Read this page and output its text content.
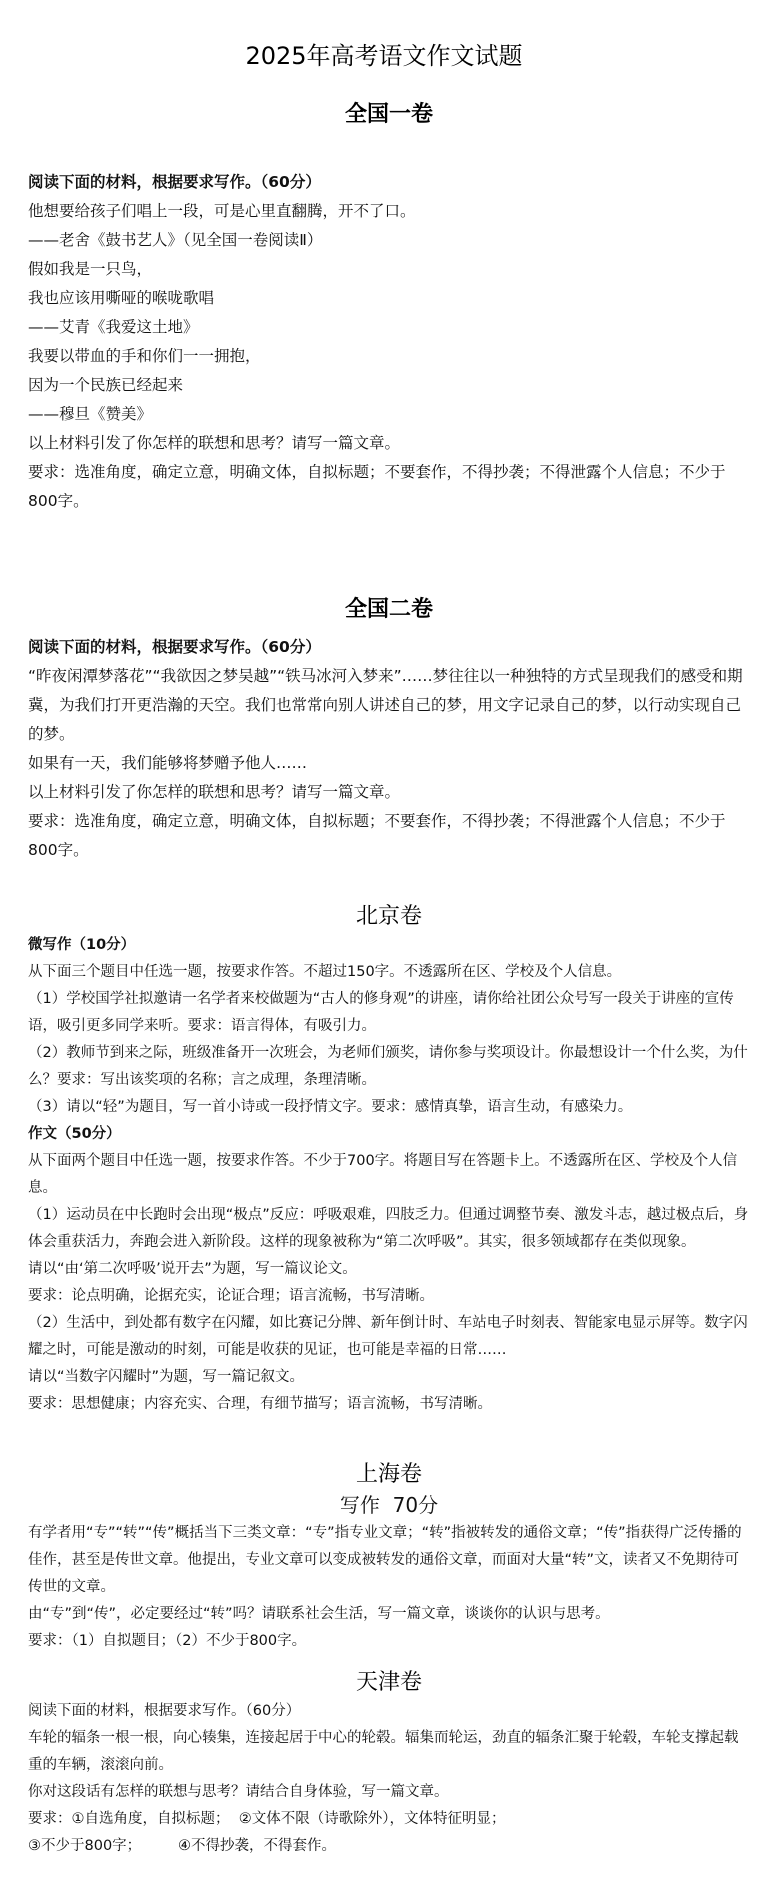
2025年高考语文作文试题

全国一卷

阅读下面的材料，根据要求写作。（60分）

他想要给孩子们唱上一段，可是心里直翻腾，开不了口。

——老舍《鼓书艺人》（见全国一卷阅读Ⅱ）

假如我是一只鸟，

我也应该用嘶哑的喉咙歌唱

——艾青《我爱这土地》

我要以带血的手和你们一一拥抱，

因为一个民族已经起来

——穆旦《赞美》

以上材料引发了你怎样的联想和思考？请写一篇文章。

要求：选准角度，确定立意，明确文体，自拟标题；不要套作，不得抄袭；不得泄露个人信息；不少于800字。

全国二卷

阅读下面的材料，根据要求写作。（60分）

“昨夜闲潭梦落花”“我欲因之梦吴越”“铁马冰河入梦来”……梦往往以一种独特的方式呈现我们的感受和期冀，为我们打开更浩瀚的天空。我们也常常向别人讲述自己的梦，用文字记录自己的梦，以行动实现自己的梦。

如果有一天，我们能够将梦赠予他人……

以上材料引发了你怎样的联想和思考？请写一篇文章。

要求：选准角度，确定立意，明确文体，自拟标题；不要套作，不得抄袭；不得泄露个人信息；不少于800字。

北京卷

微写作（10分）

从下面三个题目中任选一题，按要求作答。不超过150字。不透露所在区、学校及个人信息。

（1）学校国学社拟邀请一名学者来校做题为“古人的修身观”的讲座，请你给社团公众号写一段关于讲座的宣传语，吸引更多同学来听。要求：语言得体，有吸引力。

（2）教师节到来之际，班级准备开一次班会，为老师们颁奖，请你参与奖项设计。你最想设计一个什么奖，为什么？要求：写出该奖项的名称；言之成理，条理清晰。

（3）请以“轻”为题目，写一首小诗或一段抒情文字。要求：感情真挚，语言生动，有感染力。

作文（50分）

从下面两个题目中任选一题，按要求作答。不少于700字。将题目写在答题卡上。不透露所在区、学校及个人信息。

（1）运动员在中长跑时会出现“极点”反应：呼吸艰难，四肢乏力。但通过调整节奏、激发斗志，越过极点后，身体会重获活力，奔跑会进入新阶段。这样的现象被称为“第二次呼吸”。其实，很多领域都存在类似现象。

请以“由‘第二次呼吸’说开去”为题，写一篇议论文。

要求：论点明确，论据充实，论证合理；语言流畅，书写清晰。

（2）生活中，到处都有数字在闪耀，如比赛记分牌、新年倒计时、车站电子时刻表、智能家电显示屏等。数字闪耀之时，可能是激动的时刻，可能是收获的见证，也可能是幸福的日常……

请以“当数字闪耀时”为题，写一篇记叙文。

要求：思想健康；内容充实、合理，有细节描写；语言流畅，书写清晰。

上海卷

写作  70分

有学者用“专”“转”“传”概括当下三类文章：“专”指专业文章；“转”指被转发的通俗文章；“传”指获得广泛传播的佳作，甚至是传世文章。他提出，专业文章可以变成被转发的通俗文章，而面对大量“转”文，读者又不免期待可传世的文章。

由“专”到“传”，必定要经过“转”吗？请联系社会生活，写一篇文章，谈谈你的认识与思考。

要求：（1）自拟题目；（2）不少于800字。

天津卷

阅读下面的材料，根据要求写作。（60分）

车轮的辐条一根一根，向心辏集，连接起居于中心的轮毂。辐集而轮运，劲直的辐条汇聚于轮毂，车轮支撑起载重的车辆，滚滚向前。

你对这段话有怎样的联想与思考？请结合自身体验，写一篇文章。

要求：①自选角度，自拟标题；  ②文体不限（诗歌除外），文体特征明显；

③不少于800字；        ④不得抄袭，不得套作。
